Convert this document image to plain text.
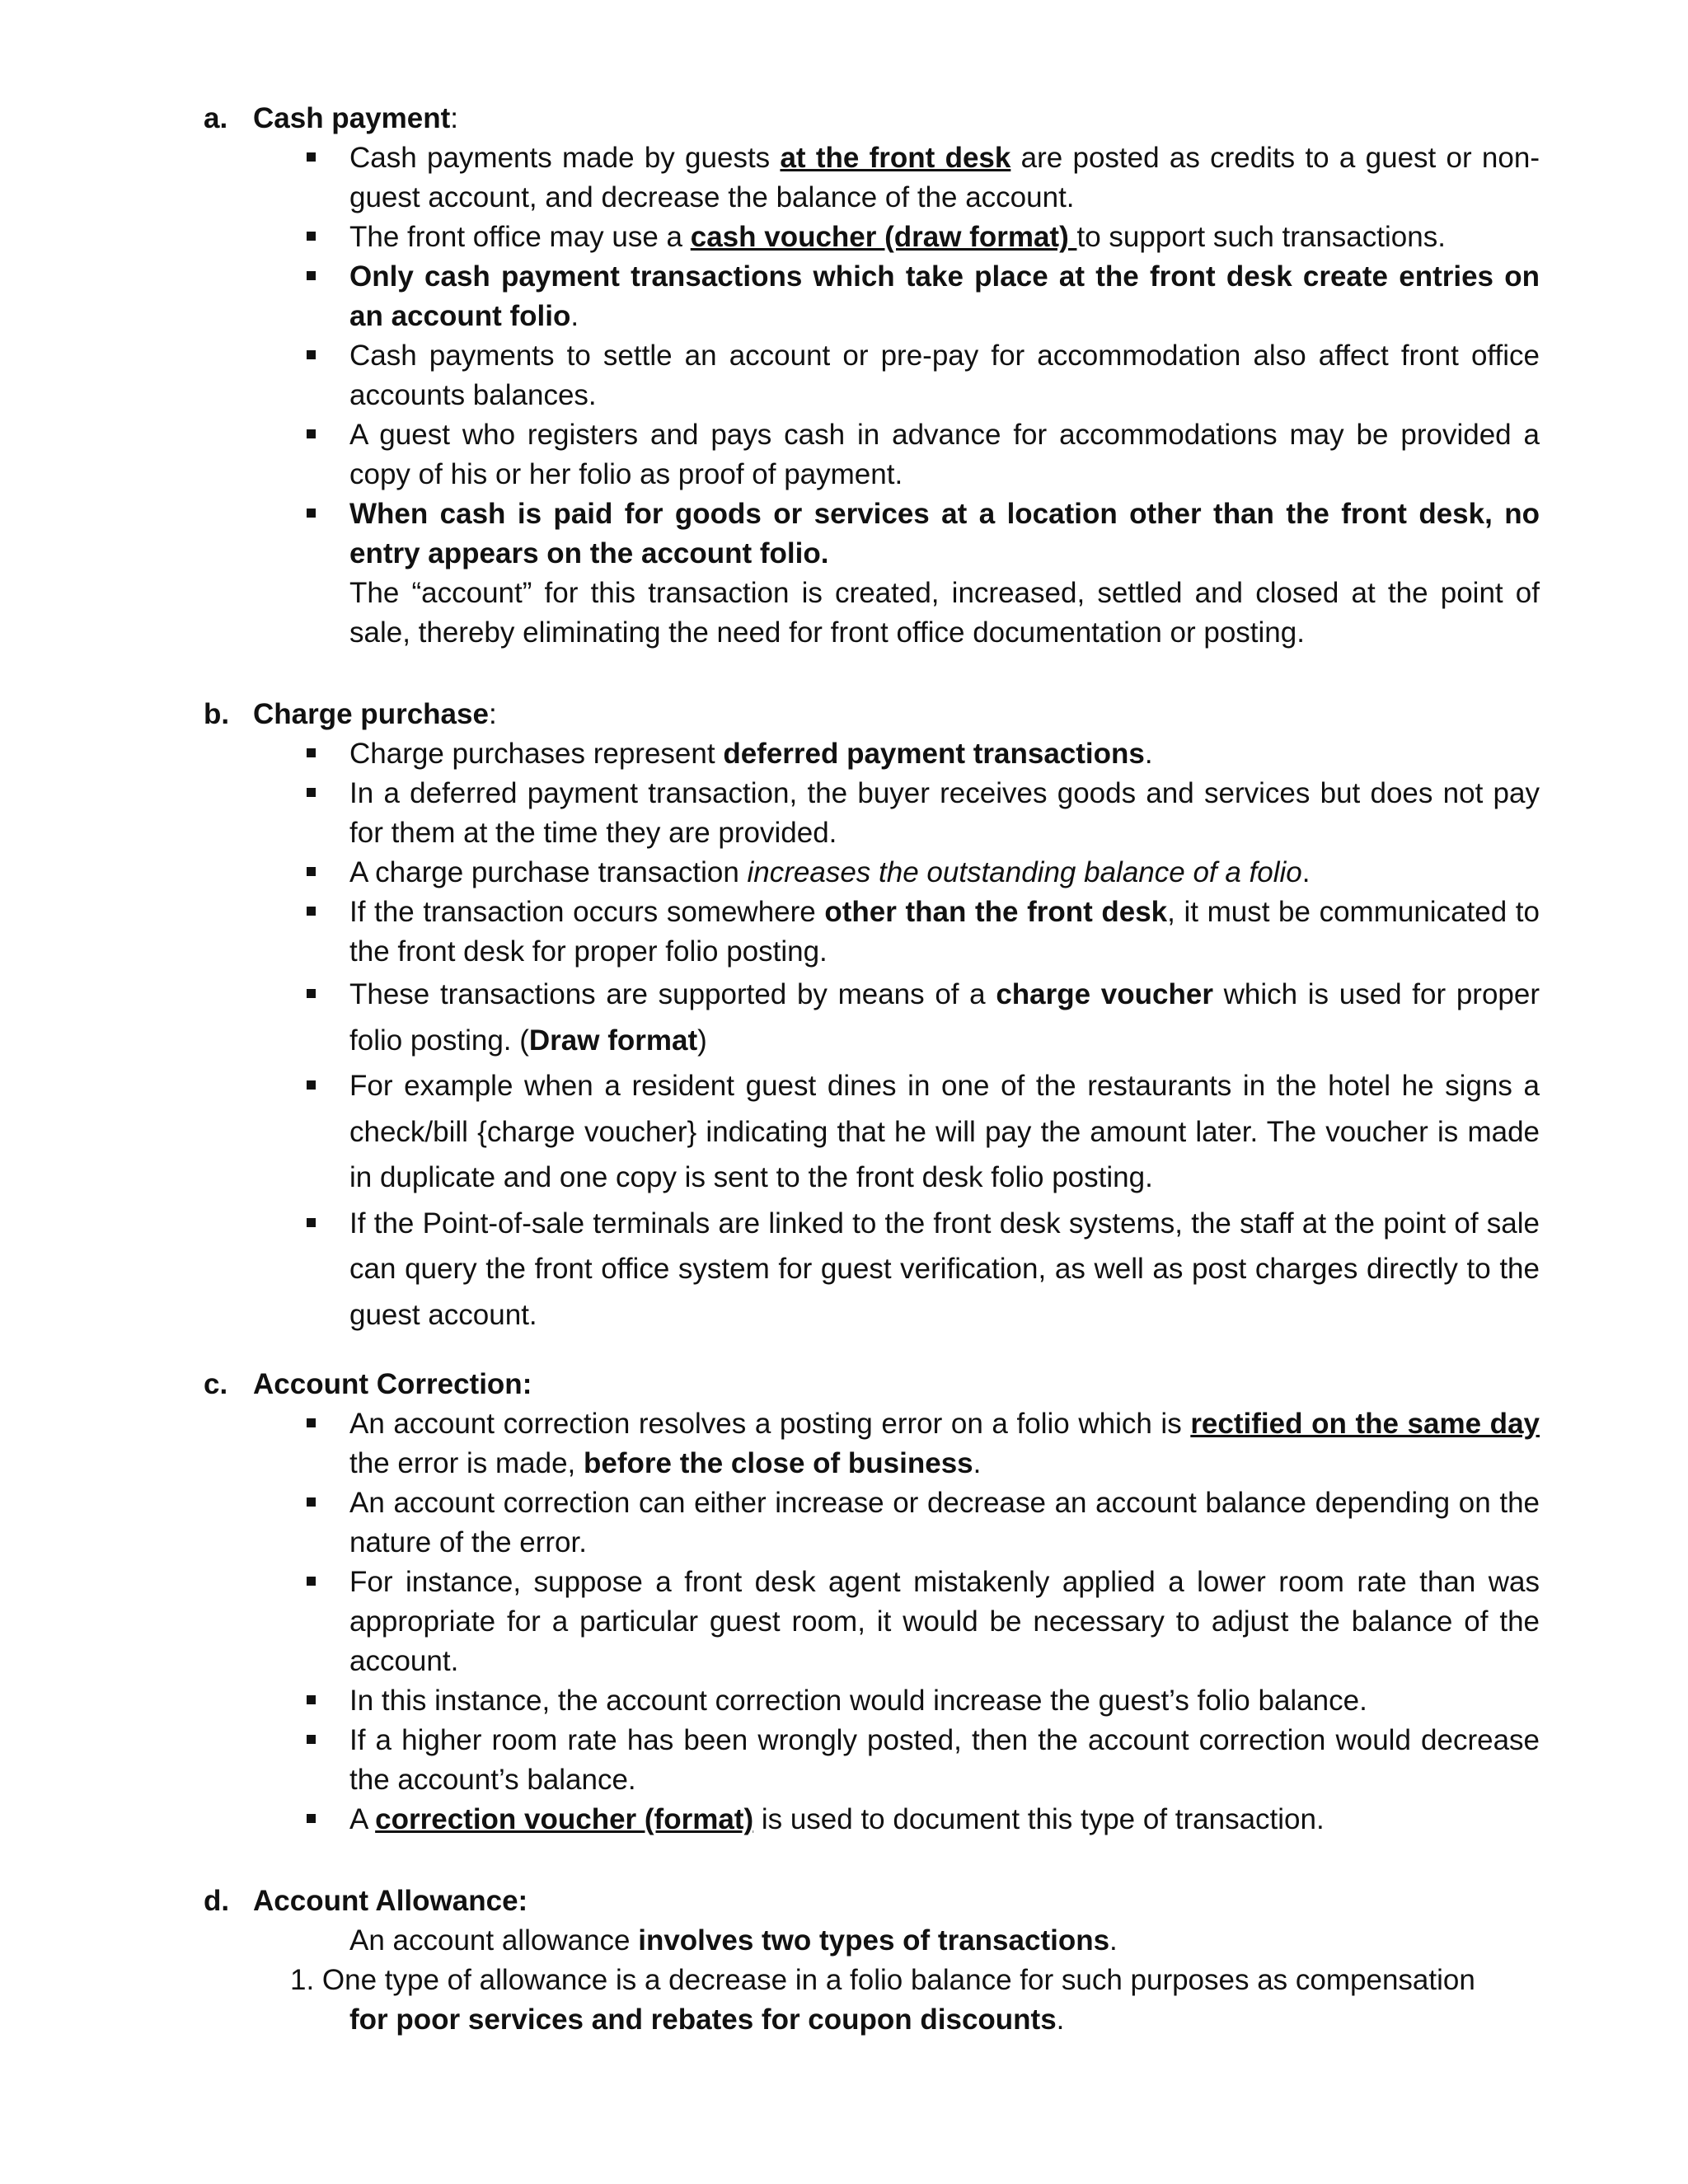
a. Cash payment:
Cash payments made by guests at the front desk are posted as credits to a guest or non-guest account, and decrease the balance of the account.
The front office may use a cash voucher (draw format) to support such transactions.
Only cash payment transactions which take place at the front desk create entries on an account folio.
Cash payments to settle an account or pre-pay for accommodation also affect front office accounts balances.
A guest who registers and pays cash in advance for accommodations may be provided a copy of his or her folio as proof of payment.
When cash is paid for goods or services at a location other than the front desk, no entry appears on the account folio.
The “account” for this transaction is created, increased, settled and closed at the point of sale, thereby eliminating the need for front office documentation or posting.
b. Charge purchase:
Charge purchases represent deferred payment transactions.
In a deferred payment transaction, the buyer receives goods and services but does not pay for them at the time they are provided.
A charge purchase transaction increases the outstanding balance of a folio.
If the transaction occurs somewhere other than the front desk, it must be communicated to the front desk for proper folio posting.
These transactions are supported by means of a charge voucher which is used for proper folio posting. (Draw format)
For example when a resident guest dines in one of the restaurants in the hotel he signs a check/bill {charge voucher} indicating that he will pay the amount later. The voucher is made in duplicate and one copy is sent to the front desk folio posting.
If the Point-of-sale terminals are linked to the front desk systems, the staff at the point of sale can query the front office system for guest verification, as well as post charges directly to the guest account.
c. Account Correction:
An account correction resolves a posting error on a folio which is rectified on the same day the error is made, before the close of business.
An account correction can either increase or decrease an account balance depending on the nature of the error.
For instance, suppose a front desk agent mistakenly applied a lower room rate than was appropriate for a particular guest room, it would be necessary to adjust the balance of the account.
In this instance, the account correction would increase the guest’s folio balance.
If a higher room rate has been wrongly posted, then the account correction would decrease the account’s balance.
A correction voucher (format) is used to document this type of transaction.
d. Account Allowance:
An account allowance involves two types of transactions.
1. One type of allowance is a decrease in a folio balance for such purposes as compensation
for poor services and rebates for coupon discounts.
